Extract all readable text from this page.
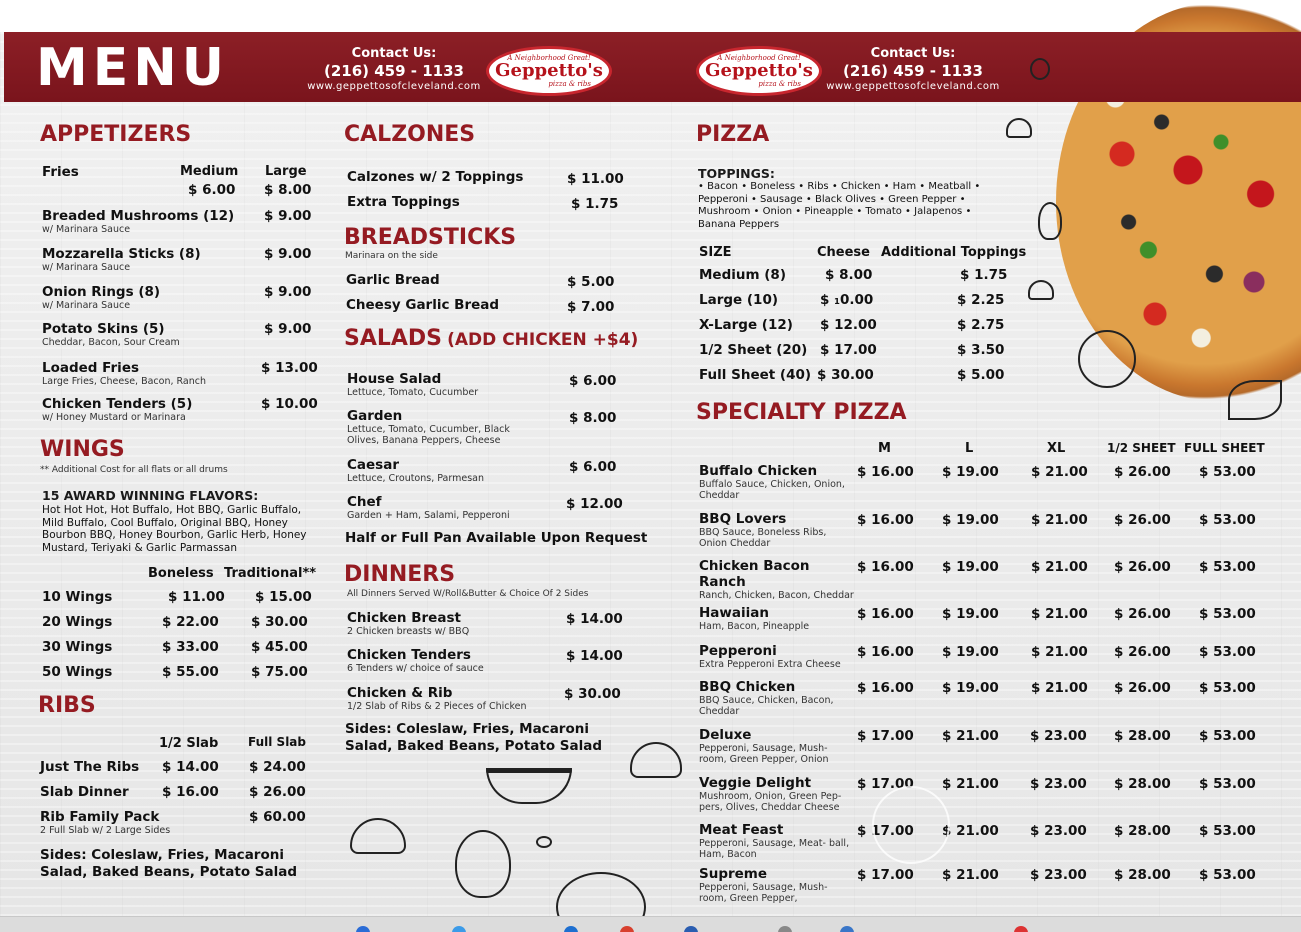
MENU	Contact Us:
(216) 459 - 1133
www.geppettosofcleveland.com
A Neighborhood Great!
Geppetto's
pizza & ribs
A Neighborhood Great!
Geppetto's
pizza & ribs
Contact Us:
(216) 459 - 1133
www.geppettosofcleveland.com
APPETIZERS
Fries	Medium Large
$ 6.00 $ 8.00
Breaded Mushrooms (12)
w/ Marinara Sauce
$ 9.00
Mozzarella Sticks (8)
w/ Marinara Sauce
$ 9.00
Onion Rings (8)
w/ Marinara Sauce
$ 9.00
Potato Skins (5)
Cheddar, Bacon, Sour Cream
$ 9.00
Loaded Fries
Large Fries, Cheese, Bacon, Ranch
$ 13.00
Chicken Tenders (5)
w/ Honey Mustard or Marinara
$ 10.00
WINGS
** Additional Cost for all flats or all drums
15 AWARD WINNING FLAVORS:
Hot Hot Hot, Hot Buffalo, Hot BBQ, Garlic Buffalo, Mild Buffalo, Cool Buffalo, Original BBQ, Honey Bourbon BBQ, Honey Bourbon, Garlic Herb, Honey Mustard, Teriyaki & Garlic Parmassan
Boneless Traditional**
10 Wings	$ 11.00 $ 15.00
20 Wings	$ 22.00 $ 30.00
30 Wings	$ 33.00 $ 45.00
50 Wings	$ 55.00 $ 75.00
RIBS
1/2 Slab Full Slab
Just The Ribs	$ 14.00 $ 24.00
Slab Dinner	$ 16.00 $ 26.00
Rib Family Pack
2 Full Slab w/ 2 Large Sides
$ 60.00
Sides: Coleslaw, Fries, Macaroni Salad, Baked Beans, Potato Salad
CALZONES
Calzones w/ 2 Toppings	$ 11.00
Extra Toppings	$ 1.75
BREADSTICKS
Marinara on the side
Garlic Bread	$ 5.00
Cheesy Garlic Bread	$ 7.00
SALADS (ADD CHICKEN +$4)
House Salad
Lettuce, Tomato, Cucumber
$ 6.00
Garden
Lettuce, Tomato, Cucumber, Black Olives, Banana Peppers, Cheese
$ 8.00
Caesar
Lettuce, Croutons, Parmesan
$ 6.00
Chef
Garden + Ham, Salami, Pepperoni
$ 12.00
Half or Full Pan Available Upon Request
DINNERS
All Dinners Served W/Roll&Butter & Choice Of 2 Sides
Chicken Breast
2 Chicken breasts w/ BBQ
$ 14.00
Chicken Tenders
6 Tenders w/ choice of sauce
$ 14.00
Chicken & Rib
1/2 Slab of Ribs & 2 Pieces of Chicken
$ 30.00
Sides: Coleslaw, Fries, Macaroni Salad, Baked Beans, Potato Salad
PIZZA
TOPPINGS:
• Bacon • Boneless • Ribs • Chicken • Ham • Meatball • Pepperoni • Sausage • Black Olives • Green Pepper • Mushroom • Onion • Pineapple • Tomato • Jalapenos • Banana Peppers
SIZE	Cheese Additional Toppings
Medium (8)	$ 8.00	$ 1.75
Large (10)	$ ₁0.00	$ 2.25
X-Large (12) $ 12.00	$ 2.75
1/2 Sheet (20) $ 17.00	$ 3.50
Full Sheet (40) $ 30.00	$ 5.00
SPECIALTY PIZZA
M	L	XL	1/2 SHEET FULL SHEET
Buffalo Chicken
Buffalo Sauce, Chicken, Onion, Cheddar
$ 16.00 $ 19.00 $ 21.00 $ 26.00 $ 53.00
BBQ Lovers
BBQ Sauce, Boneless Ribs, Onion Cheddar
$ 16.00 $ 19.00 $ 21.00 $ 26.00 $ 53.00
Chicken Bacon Ranch
Ranch, Chicken, Bacon, Cheddar
$ 16.00 $ 19.00 $ 21.00 $ 26.00 $ 53.00
Hawaiian
Ham, Bacon, Pineapple
$ 16.00 $ 19.00 $ 21.00 $ 26.00 $ 53.00
Pepperoni
Extra Pepperoni Extra Cheese
$ 16.00 $ 19.00 $ 21.00 $ 26.00 $ 53.00
BBQ Chicken
BBQ Sauce, Chicken, Bacon, Cheddar
$ 16.00 $ 19.00 $ 21.00 $ 26.00 $ 53.00
Deluxe
Pepperoni, Sausage, Mush- room, Green Pepper, Onion
$ 17.00 $ 21.00 $ 23.00 $ 28.00 $ 53.00
Veggie Delight
Mushroom, Onion, Green Pep- pers, Olives, Cheddar Cheese
$ 17.00 $ 21.00 $ 23.00 $ 28.00 $ 53.00
Meat Feast
Pepperoni, Sausage, Meat- ball, Ham, Bacon
$ 17.00 $ 21.00 $ 23.00 $ 28.00 $ 53.00
Supreme
Pepperoni, Sausage, Mush- room, Green Pepper,
$ 17.00 $ 21.00 $ 23.00 $ 28.00 $ 53.00
